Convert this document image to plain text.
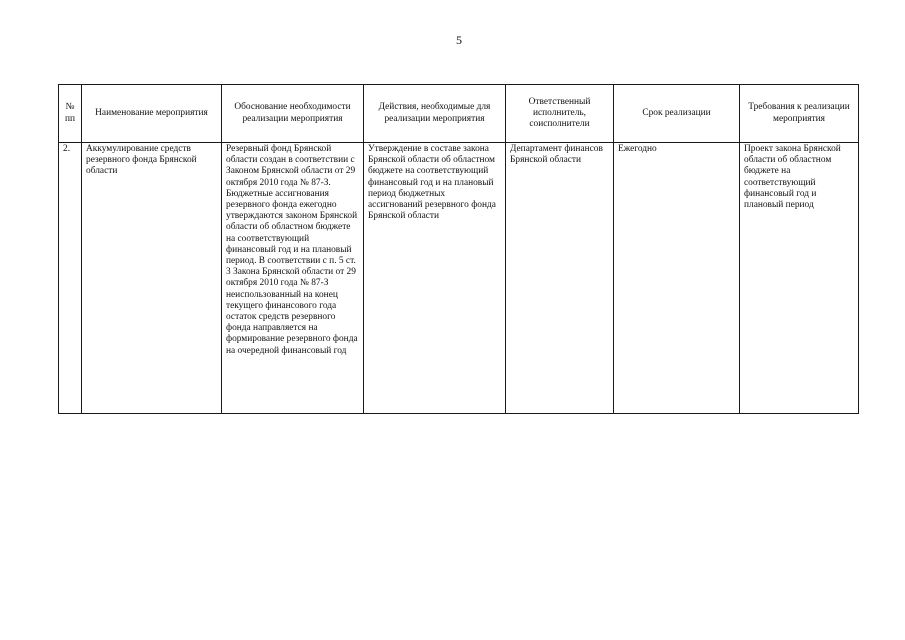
5
№ пп	Наименование мероприятия	Обоснование необходимости реализации мероприятия	Действия, необходимые для реализации мероприятия	Ответственный исполнитель, соисполнители	Срок реализации	Требования к реализации мероприятия
2.	Аккумулирование средств резервного фонда Брянской области	Резервный фонд Брянской области создан в соответствии с Законом Брянской области от 29 октября 2010 года № 87-З. Бюджетные ассигнования резервного фонда ежегодно утверждаются законом Брянской области об областном бюджете на соответствующий финансовый год и на плановый период. В соответствии с п. 5 ст. 3 Закона Брянской области от 29 октября 2010 года № 87-З неиспользованный на конец текущего финансового года остаток средств резервного фонда направляется на формирование резервного фонда на очередной финансовый год	Утверждение в составе закона Брянской области об областном бюджете на соответствующий финансовый год и на плановый период бюджетных ассигнований резервного фонда Брянской области	Департамент финансов Брянской области	Ежегодно	Проект закона Брянской области об областном бюджете на соответствующий финансовый год и плановый период
